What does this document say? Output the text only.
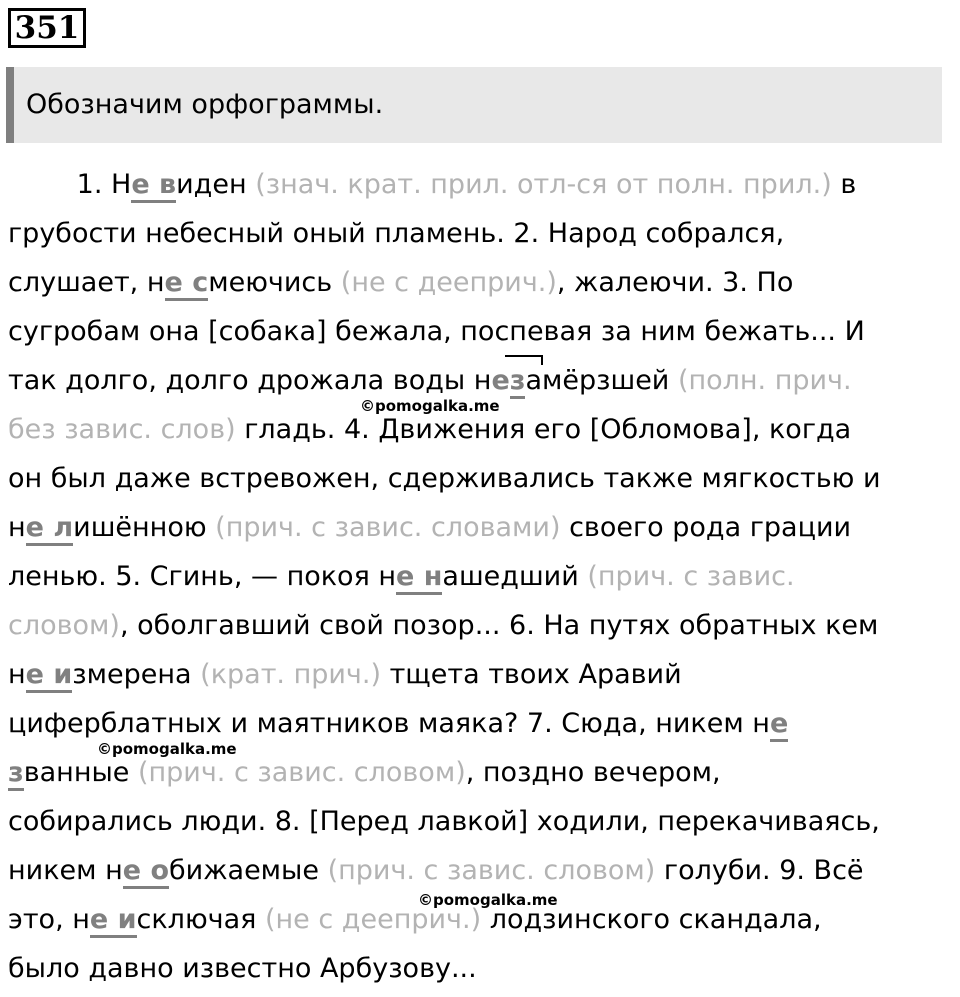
351
Обозначим орфограммы.
1. Не виден (знач. крат. прил. отл-ся от полн. прил.) в
грубости небесный оный пламень. 2. Народ собрался,
слушает, не смеючись (не с дееприч.), жалеючи. 3. По
сугробам она [собака] бежала, поспевая за ним бежать... И
так долго, долго дрожала воды незамёрзшей (полн. прич.
без завис. слов) гладь. 4. Движения его [Обломова], когда
он был даже встревожен, сдерживались также мягкостью и
не лишённою (прич. с завис. словами) своего рода грации
ленью. 5. Сгинь, — покоя не нашедший (прич. с завис.
словом), оболгавший свой позор... 6. На путях обратных кем
не измерена (крат. прич.) тщета твоих Аравий
циферблатных и маятников маяка? 7. Сюда, никем не
званные (прич. с завис. словом), поздно вечером,
собирались люди. 8. [Перед лавкой] ходили, перекачиваясь,
никем не обижаемые (прич. с завис. словом) голуби. 9. Всё
это, не исключая (не с дееприч.) лодзинского скандала,
было давно известно Арбузову...
©pomogalka.me
©pomogalka.me
©pomogalka.me
